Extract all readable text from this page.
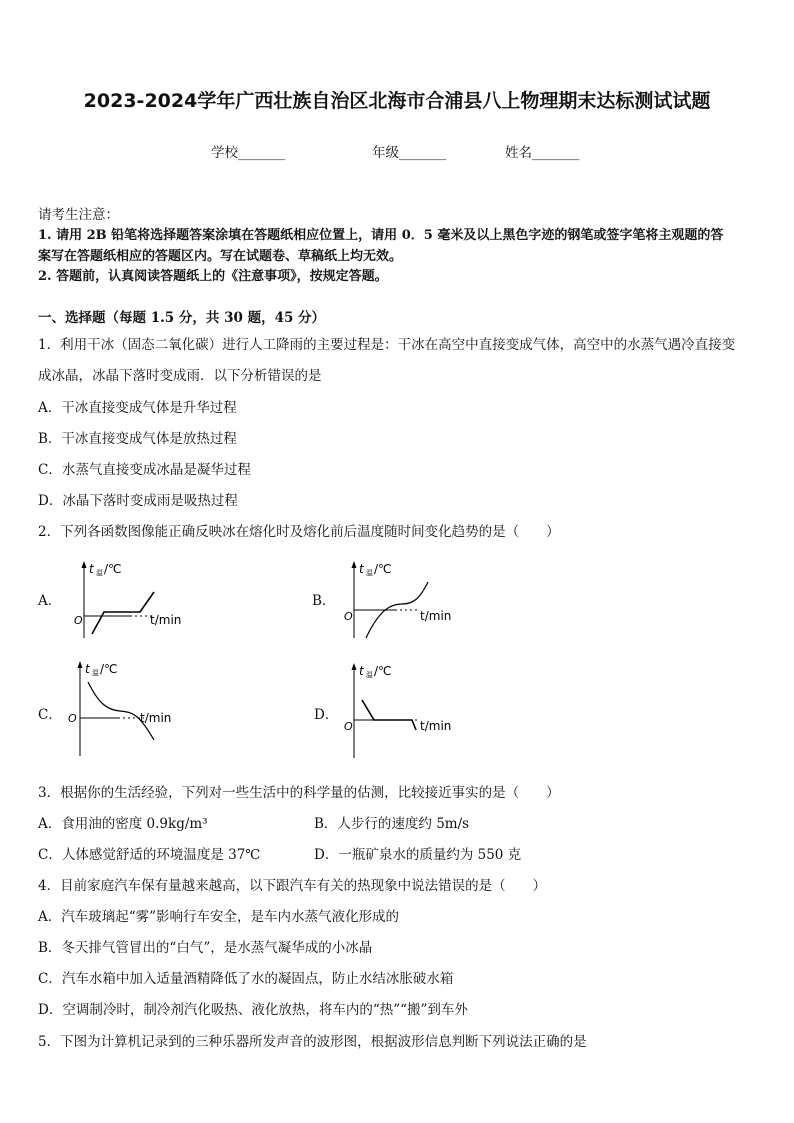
2023-2024学年广西壮族自治区北海市合浦县八上物理期末达标测试试题
学校_______	年级_______	姓名_______
请考生注意：
1. 请用 2B 铅笔将选择题答案涂填在答题纸相应位置上，请用 0．5 毫米及以上黑色字迹的钢笔或签字笔将主观题的答
案写在答题纸相应的答题区内。写在试题卷、草稿纸上均无效。
2. 答题前，认真阅读答题纸上的《注意事项》，按规定答题。
一、选择题（每题 1.5 分，共 30 题，45 分）
1．利用干冰（固态二氧化碳）进行人工降雨的主要过程是：干冰在高空中直接变成气体，高空中的水蒸气遇冷直接变
成冰晶，冰晶下落时变成雨．以下分析错误的是
A．干冰直接变成气体是升华过程
B．干冰直接变成气体是放热过程
C．水蒸气直接变成冰晶是凝华过程
D．冰晶下落时变成雨是吸热过程
2．下列各函数图像能正确反映冰在熔化时及熔化前后温度随时间变化趋势的是（　　）
A．
t 温 /℃
O	t/min
B．
t 温 /℃
O	t/min
C．
t 温 /℃
O	t/min	D．
t 温 /℃
O	t/min
3．根据你的生活经验，下列对一些生活中的科学量的估测，比较接近事实的是（　　）
A．食用油的密度 0.9kg/m³	B．人步行的速度约 5m/s
C．人体感觉舒适的环境温度是 37℃	D．一瓶矿泉水的质量约为 550 克
4．目前家庭汽车保有量越来越高，以下跟汽车有关的热现象中说法错误的是（　　）
A．汽车玻璃起“雾”影响行车安全，是车内水蒸气液化形成的
B．冬天排气管冒出的“白气”，是水蒸气凝华成的小冰晶
C．汽车水箱中加入适量酒精降低了水的凝固点，防止水结冰胀破水箱
D．空调制冷时，制冷剂汽化吸热、液化放热，将车内的“热”“搬”到车外
5．下图为计算机记录到的三种乐器所发声音的波形图，根据波形信息判断下列说法正确的是
